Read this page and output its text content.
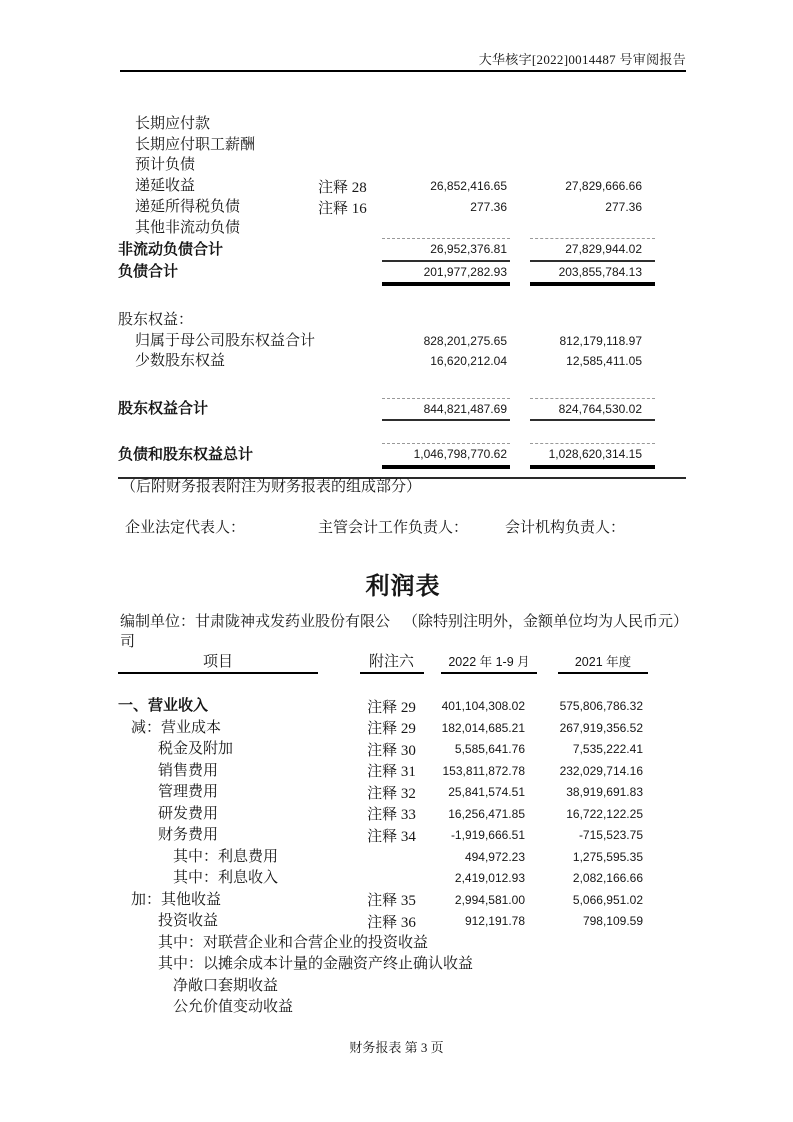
大华核字[2022]0014487 号审阅报告
长期应付款				
长期应付职工薪酬				
预计负债				
递延收益	注释 28	26,852,416.65		27,829,666.66
递延所得税负债	注释 16	277.36		277.36
其他非流动负债				
非流动负债合计		26,952,376.81		27,829,944.02
负债合计		201,977,282.93		203,855,784.13

股东权益：				
归属于母公司股东权益合计		828,201,275.65		812,179,118.97
少数股东权益		16,620,212.04		12,585,411.05

股东权益合计		844,821,487.69		824,764,530.02

负债和股东权益总计		1,046,798,770.62		1,028,620,314.15
（后附财务报表附注为财务报表的组成部分）
企业法定代表人：	主管会计工作负责人： 会计机构负责人：
利润表
编制单位：甘肃陇神戎发药业股份有限公司
（除特别注明外，金额单位均为人民币元）
项目	附注六	2022 年 1-9 月	2021 年度

一、营业收入	注释 29	401,104,308.02	575,806,786.32
减：营业成本	注释 29	182,014,685.21	267,919,356.52
税金及附加	注释 30	5,585,641.76	7,535,222.41
销售费用	注释 31	153,811,872.78	232,029,714.16
管理费用	注释 32	25,841,574.51	38,919,691.83
研发费用	注释 33	16,256,471.85	16,722,122.25
财务费用	注释 34	-1,919,666.51	-715,523.75
其中：利息费用		494,972.23	1,275,595.35
其中：利息收入		2,419,012.93	2,082,166.66
加：其他收益	注释 35	2,994,581.00	5,066,951.02
投资收益	注释 36	912,191.78	798,109.59
其中：对联营企业和合营企业的投资收益			
其中：以摊余成本计量的金融资产终止确认收益			
净敞口套期收益			
公允价值变动收益			
财务报表 第 3 页
